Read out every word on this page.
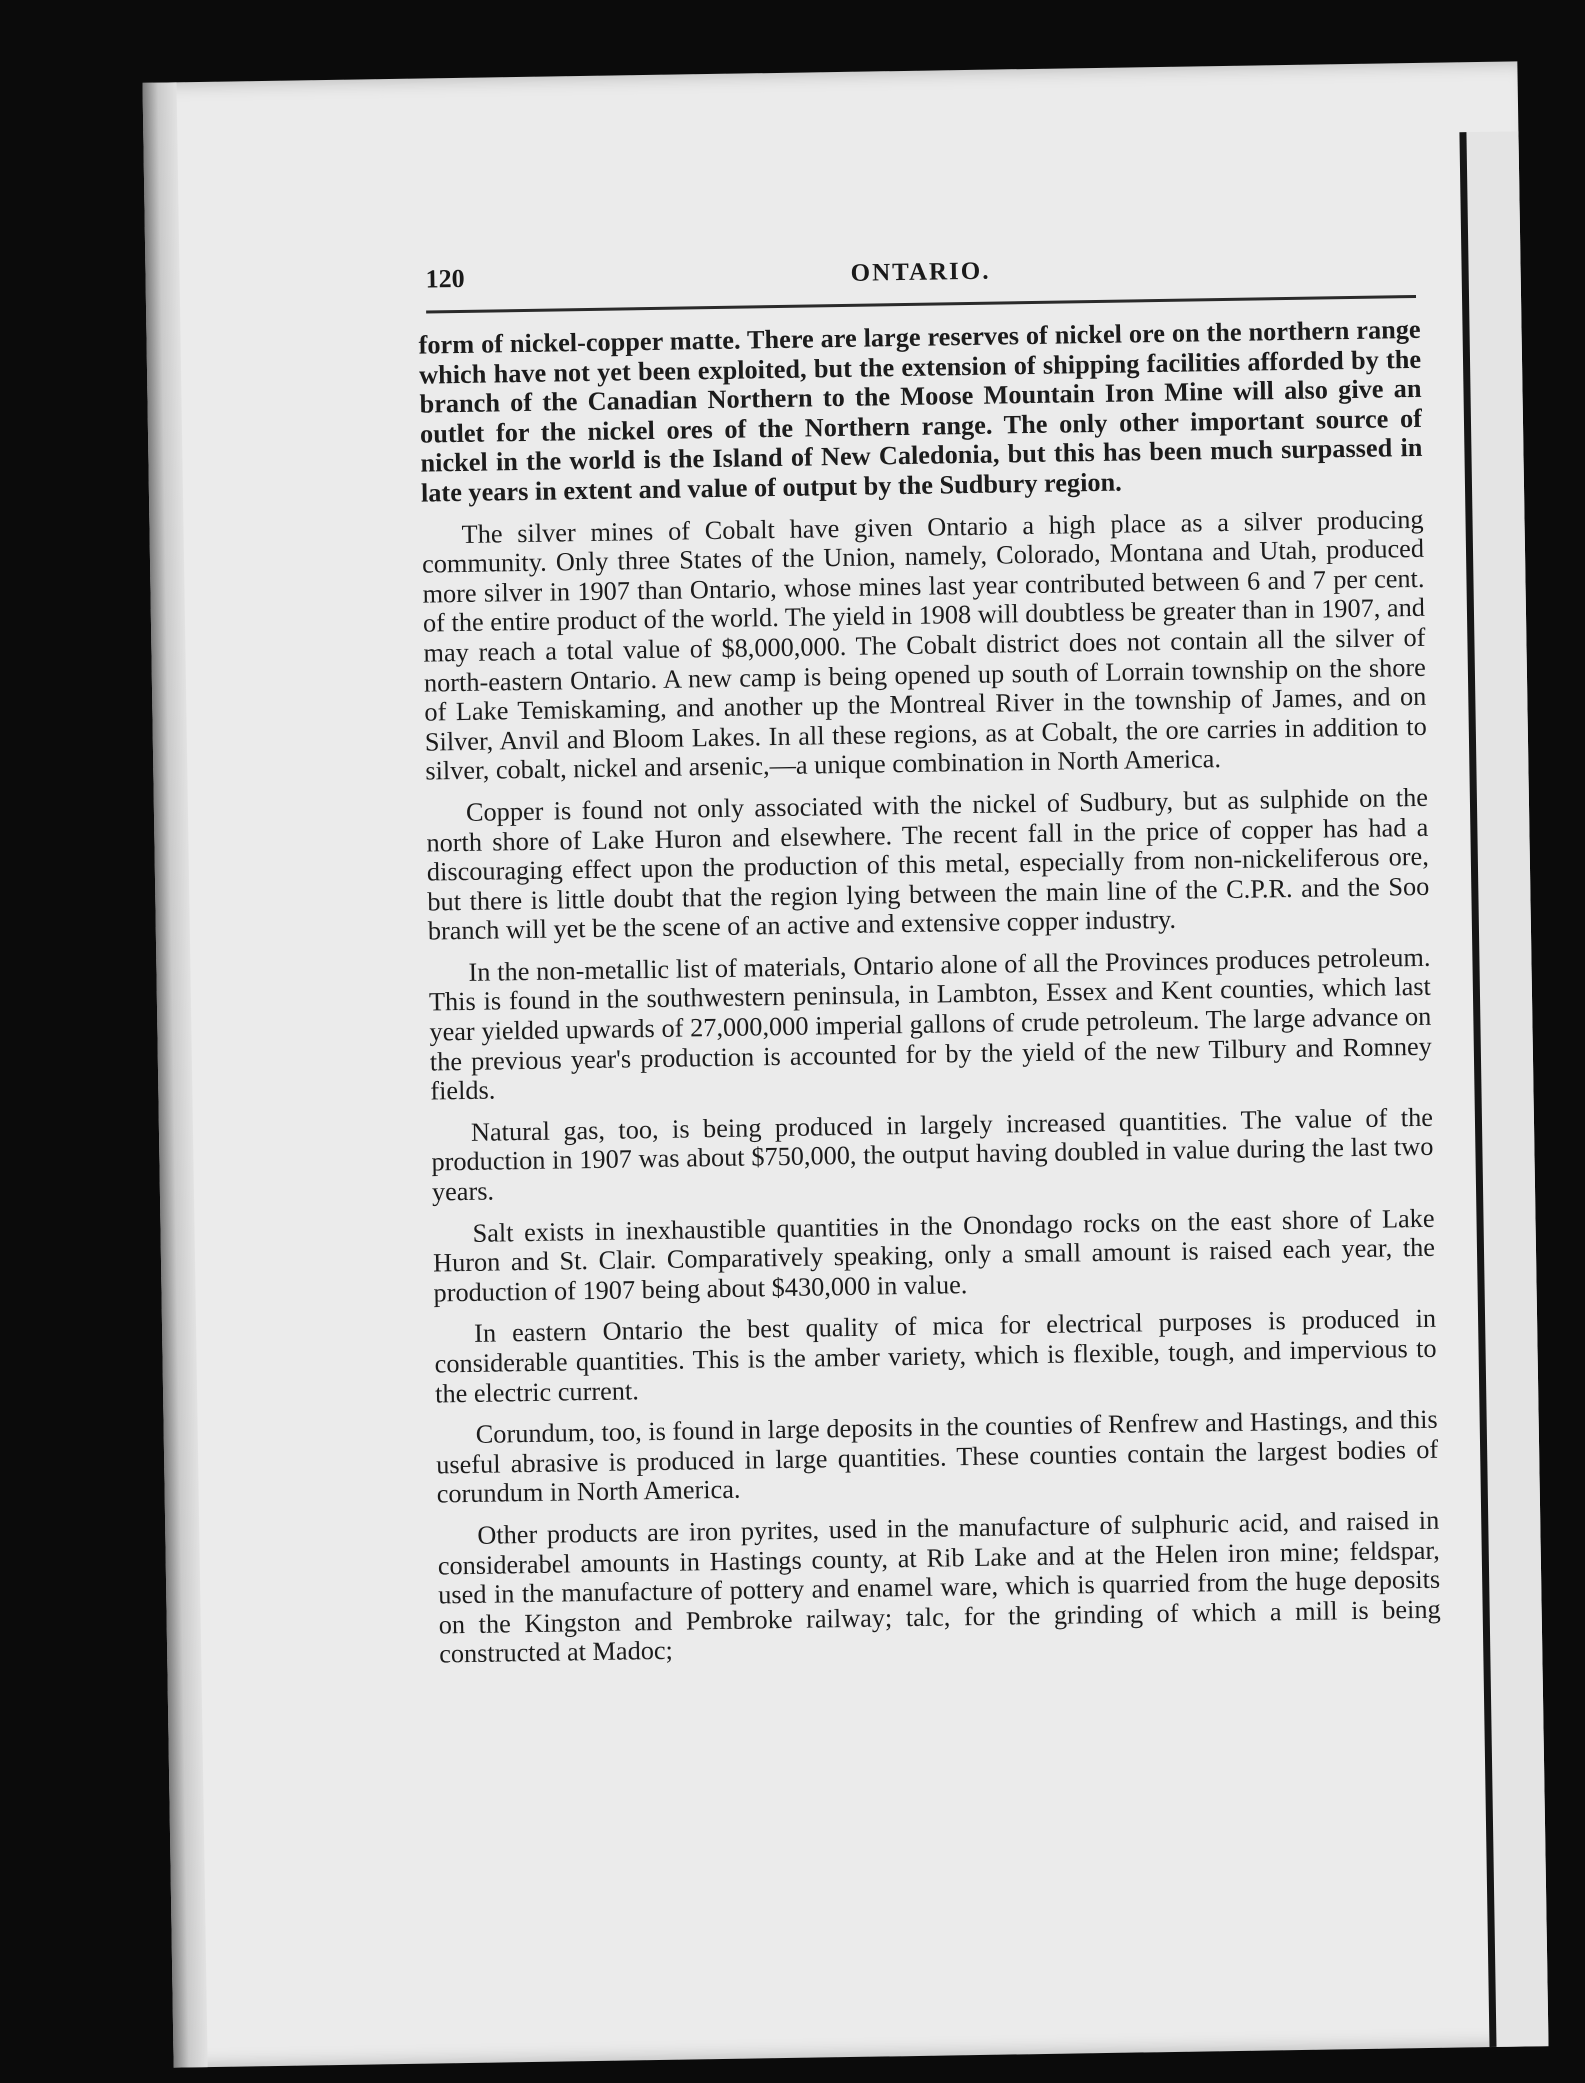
120	ONTARIO.

form of nickel-copper matte. There are large reserves of nickel ore on the northern range which have not yet been exploited, but the extension of shipping facilities afforded by the branch of the Canadian Northern to the Moose Mountain Iron Mine will also give an outlet for the nickel ores of the Northern range. The only other important source of nickel in the world is the Island of New Caledonia, but this has been much surpassed in late years in extent and value of output by the Sudbury region.

The silver mines of Cobalt have given Ontario a high place as a silver producing community. Only three States of the Union, namely, Colorado, Montana and Utah, produced more silver in 1907 than Ontario, whose mines last year contributed between 6 and 7 per cent. of the entire product of the world. The yield in 1908 will doubtless be greater than in 1907, and may reach a total value of $8,000,000. The Cobalt district does not contain all the silver of north-eastern Ontario. A new camp is being opened up south of Lorrain township on the shore of Lake Temiskaming, and another up the Montreal River in the township of James, and on Silver, Anvil and Bloom Lakes. In all these regions, as at Cobalt, the ore carries in addition to silver, cobalt, nickel and arsenic,—a unique combination in North America.

Copper is found not only associated with the nickel of Sudbury, but as sulphide on the north shore of Lake Huron and elsewhere. The recent fall in the price of copper has had a discouraging effect upon the production of this metal, especially from non-nickeliferous ore, but there is little doubt that the region lying between the main line of the C.P.R. and the Soo branch will yet be the scene of an active and extensive copper industry.

In the non-metallic list of materials, Ontario alone of all the Provinces produces petroleum. This is found in the southwestern peninsula, in Lambton, Essex and Kent counties, which last year yielded upwards of 27,000,000 imperial gallons of crude petroleum. The large advance on the previous year's production is accounted for by the yield of the new Tilbury and Romney fields.

Natural gas, too, is being produced in largely increased quantities. The value of the production in 1907 was about $750,000, the output having doubled in value during the last two years.

Salt exists in inexhaustible quantities in the Onondago rocks on the east shore of Lake Huron and St. Clair. Comparatively speaking, only a small amount is raised each year, the production of 1907 being about $430,000 in value.

In eastern Ontario the best quality of mica for electrical purposes is produced in considerable quantities. This is the amber variety, which is flexible, tough, and impervious to the electric current.

Corundum, too, is found in large deposits in the counties of Renfrew and Hastings, and this useful abrasive is produced in large quantities. These counties contain the largest bodies of corundum in North America.

Other products are iron pyrites, used in the manufacture of sulphuric acid, and raised in considerabel amounts in Hastings county, at Rib Lake and at the Helen iron mine; feldspar, used in the manufacture of pottery and enamel ware, which is quarried from the huge deposits on the Kingston and Pembroke railway; talc, for the grinding of which a mill is being constructed at Madoc;
